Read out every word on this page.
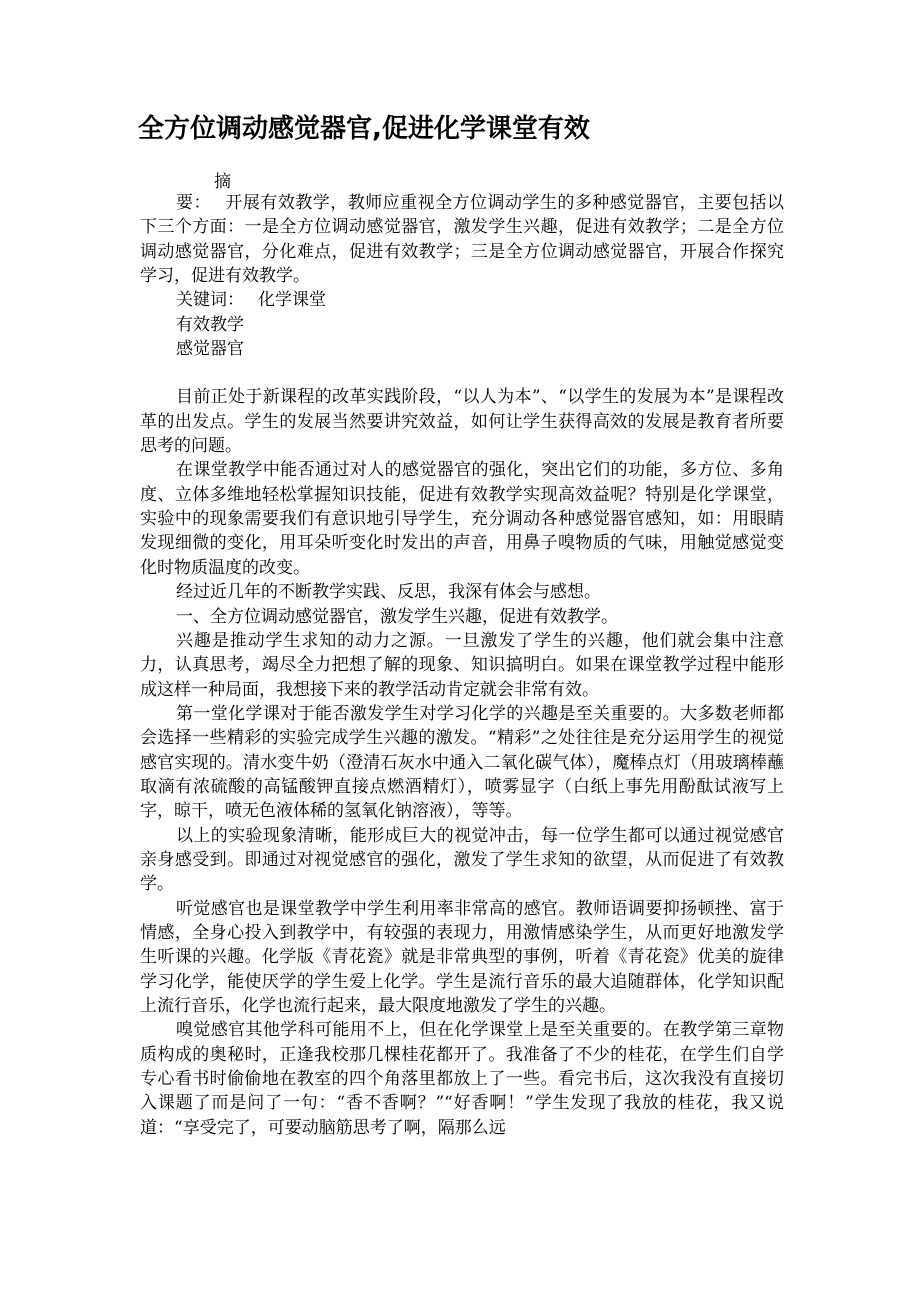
全方位调动感觉器官,促进化学课堂有效
摘

要： 开展有效教学，教师应重视全方位调动学生的多种感觉器官，主要包括以下三个方面：一是全方位调动感觉器官，激发学生兴趣，促进有效教学；二是全方位调动感觉器官，分化难点，促进有效教学；三是全方位调动感觉器官，开展合作探究学习，促进有效教学。

关键词： 化学课堂

有效教学

感觉器官

目前正处于新课程的改革实践阶段，“以人为本”、“以学生的发展为本”是课程改革的出发点。学生的发展当然要讲究效益，如何让学生获得高效的发展是教育者所要思考的问题。

在课堂教学中能否通过对人的感觉器官的强化，突出它们的功能，多方位、多角度、立体多维地轻松掌握知识技能，促进有效教学实现高效益呢？特别是化学课堂，实验中的现象需要我们有意识地引导学生，充分调动各种感觉器官感知，如：用眼睛发现细微的变化，用耳朵听变化时发出的声音，用鼻子嗅物质的气味，用触觉感觉变化时物质温度的改变。

经过近几年的不断教学实践、反思，我深有体会与感想。

一、全方位调动感觉器官，激发学生兴趣，促进有效教学。

兴趣是推动学生求知的动力之源。一旦激发了学生的兴趣，他们就会集中注意力，认真思考，竭尽全力把想了解的现象、知识搞明白。如果在课堂教学过程中能形成这样一种局面，我想接下来的教学活动肯定就会非常有效。

第一堂化学课对于能否激发学生对学习化学的兴趣是至关重要的。大多数老师都会选择一些精彩的实验完成学生兴趣的激发。“精彩”之处往往是充分运用学生的视觉感官实现的。清水变牛奶（澄清石灰水中通入二氧化碳气体），魔棒点灯（用玻璃棒蘸取滴有浓硫酸的高锰酸钾直接点燃酒精灯），喷雾显字（白纸上事先用酚酞试液写上字，晾干，喷无色液体稀的氢氧化钠溶液），等等。

以上的实验现象清晰，能形成巨大的视觉冲击，每一位学生都可以通过视觉感官亲身感受到。即通过对视觉感官的强化，激发了学生求知的欲望，从而促进了有效教学。

听觉感官也是课堂教学中学生利用率非常高的感官。教师语调要抑扬顿挫、富于情感，全身心投入到教学中，有较强的表现力，用激情感染学生，从而更好地激发学生听课的兴趣。化学版《青花瓷》就是非常典型的事例，听着《青花瓷》优美的旋律学习化学，能使厌学的学生爱上化学。学生是流行音乐的最大追随群体，化学知识配上流行音乐，化学也流行起来，最大限度地激发了学生的兴趣。

嗅觉感官其他学科可能用不上，但在化学课堂上是至关重要的。在教学第三章物质构成的奥秘时，正逢我校那几棵桂花都开了。我准备了不少的桂花，在学生们自学专心看书时偷偷地在教室的四个角落里都放上了一些。看完书后，这次我没有直接切入课题了而是问了一句：“香不香啊？”“好香啊！”学生发现了我放的桂花，我又说道：“享受完了，可要动脑筋思考了啊，隔那么远
